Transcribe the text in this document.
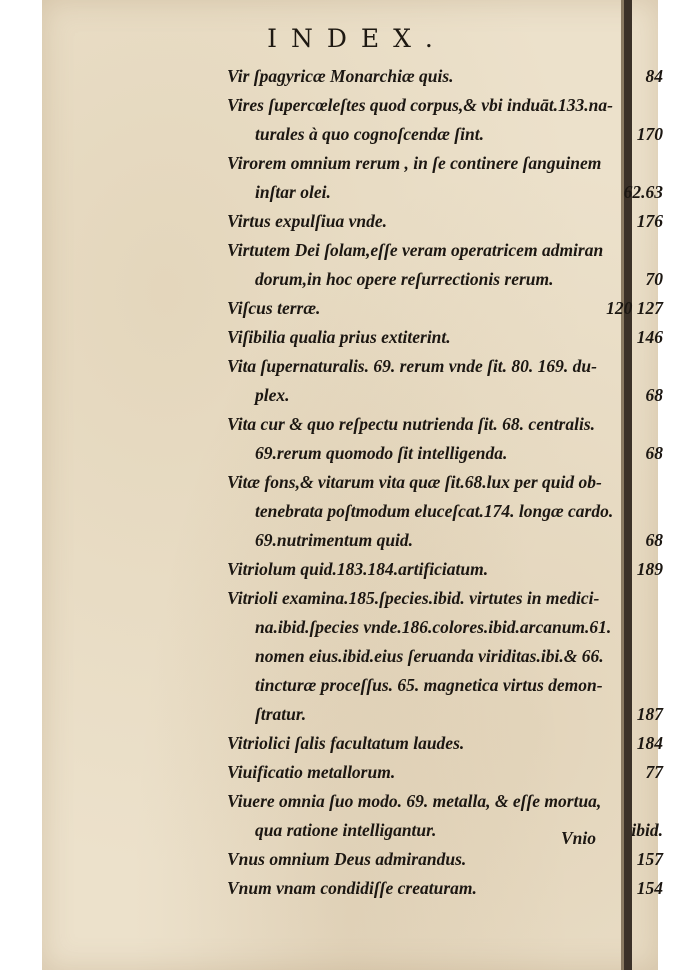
INDEX.
Vir ſpagyricæ Monarchiæ quis.	84
Vires ſupercœleſtes quod corpus,& vbi induāt.133.na-
turales à quo cognoſcendæ ſint.	170
Virorem omnium rerum , in ſe continere ſanguinem
inſtar olei.	62.63
Virtus expulſiua vnde.	176
Virtutem Dei ſolam,eſſe veram operatricem admiran
dorum,in hoc opere reſurrectionis rerum.	70
Viſcus terræ.	120 127
Viſibilia qualia prius extiterint.	146
Vita ſupernaturalis. 69. rerum vnde ſit. 80. 169. du-
plex.	68
Vita cur & quo reſpectu nutrienda ſit. 68. centralis.
69.rerum quomodo ſit intelligenda.	68
Vitæ fons,& vitarum vita quæ ſit.68.lux per quid ob-
tenebrata poſtmodum eluceſcat.174. longæ cardo.
69.nutrimentum quid.	68
Vitriolum quid.183.184.artificiatum.	189
Vitrioli examina.185.ſpecies.ibid. virtutes in medici-
na.ibid.ſpecies vnde.186.colores.ibid.arcanum.61.
nomen eius.ibid.eius ſeruanda viriditas.ibi.& 66.
tincturæ proceſſus. 65. magnetica virtus demon-
ſtratur.	187
Vitriolici ſalis facultatum laudes.	184
Viuificatio metallorum.	77
Viuere omnia ſuo modo. 69. metalla, & eſſe mortua,
qua ratione intelligantur.	ibid.
Vnus omnium Deus admirandus.	157
Vnum vnam condidiſſe creaturam.	154
Vnio
